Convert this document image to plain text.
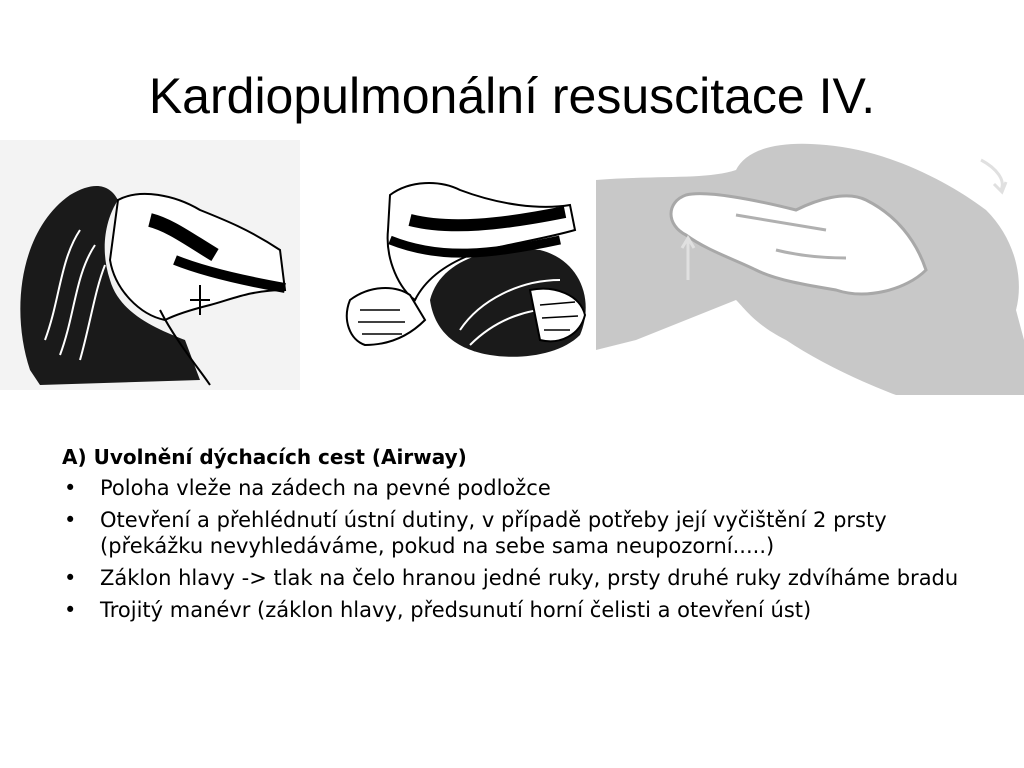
Kardiopulmonální resuscitace IV.
A) Uvolnění dýchacích cest (Airway)
• Poloha vleže na zádech na pevné podložce
• Otevření a přehlédnutí ústní dutiny, v případě potřeby její vyčištění 2 prsty (překážku nevyhledáváme, pokud na sebe sama neupozorní.....)
• Záklon hlavy -> tlak na čelo hranou jedné ruky, prsty druhé ruky zdvíháme bradu
• Trojitý manévr (záklon hlavy, předsunutí horní čelisti a otevření úst)
